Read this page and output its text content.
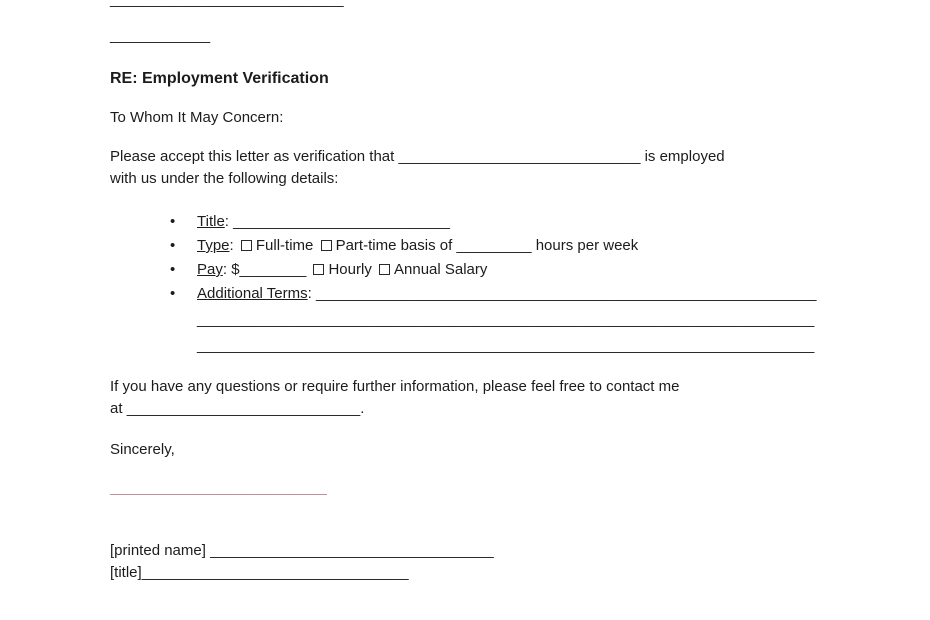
____________
RE: Employment Verification
To Whom It May Concern:

Please accept this letter as verification that _____________________________ is employed
with us under the following details:

• Title: __________________________
• Type: Full-time Part-time basis of _________ hours per week
• Pay: $________ Hourly Annual Salary
• Additional Terms: ____________________________________________________________
__________________________________________________________________________
__________________________________________________________________________

If you have any questions or require further information, please feel free to contact me
at ____________________________.

Sincerely,
__________________________
[printed name] __________________________________
[title]________________________________
